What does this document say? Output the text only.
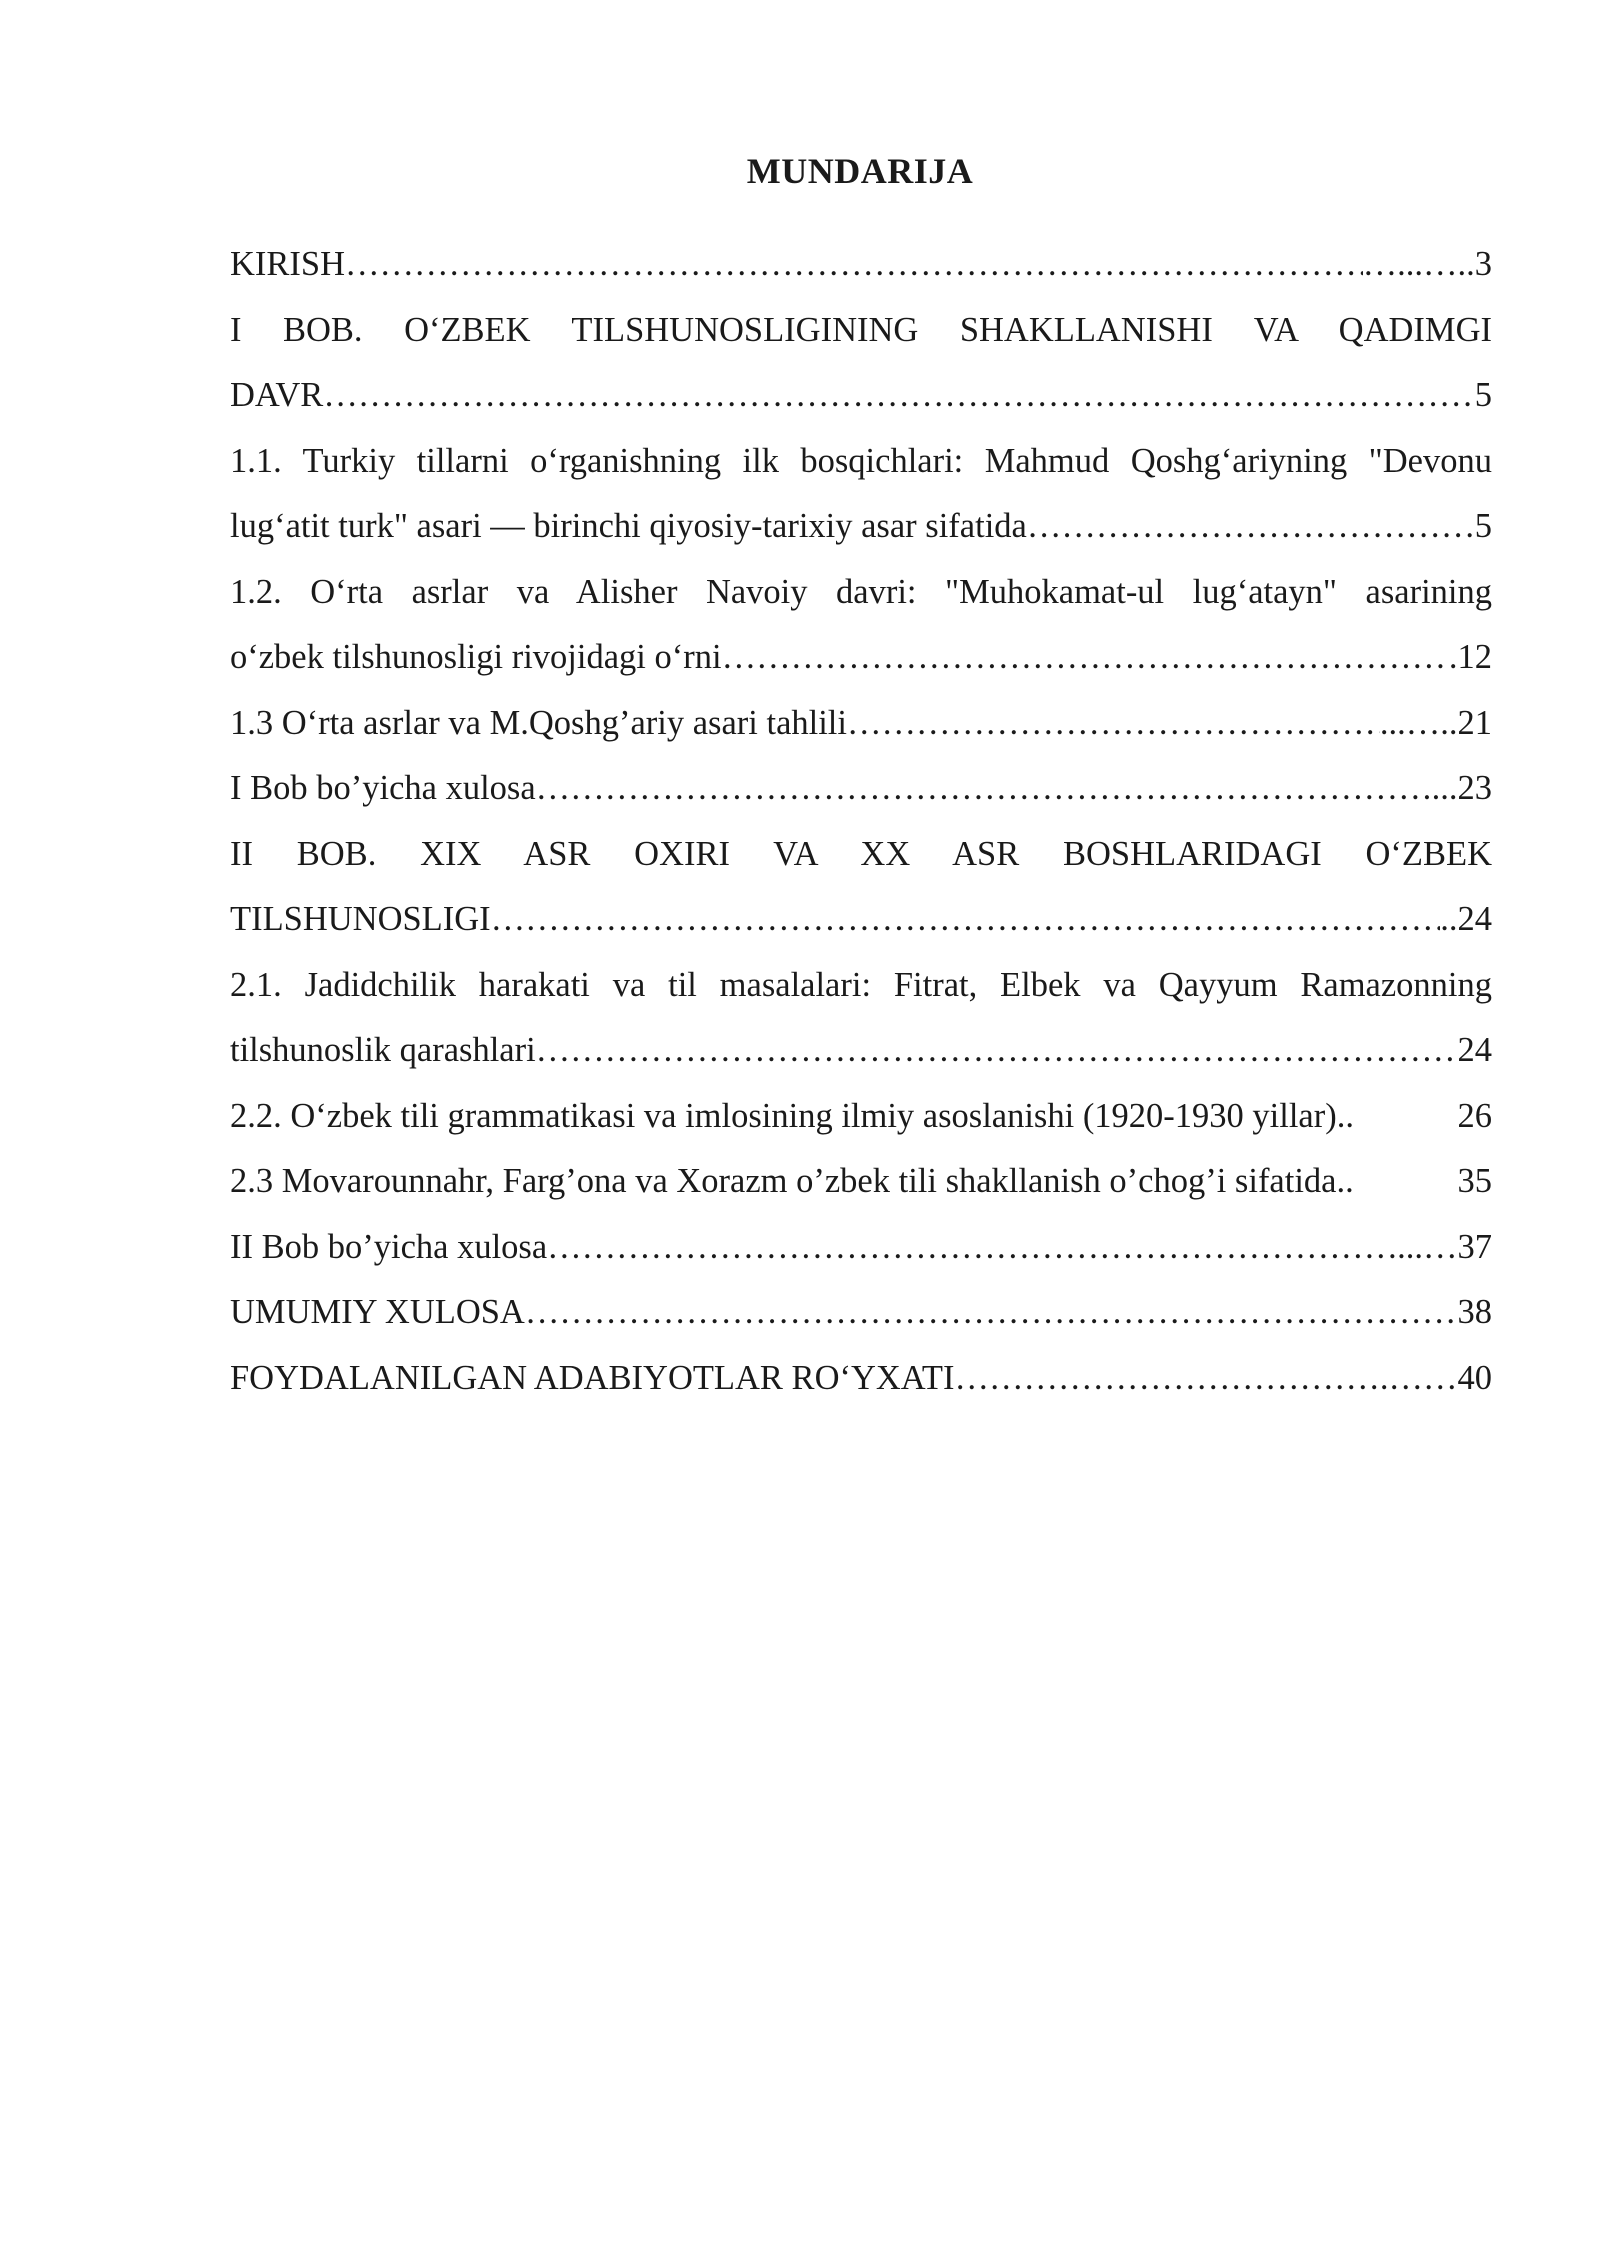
MUNDARIJA
KIRISH ………………………………………………………………………………………………………………………………………………………………………………………………………	…...….. 3
I BOB. O‘ZBEK TILSHUNOSLIGINING SHAKLLANISHI VA QADIMGI
DAVR ………………………………………………………………………………………………………………………………………………………………………………………………………	5
1.1. Turkiy tillarni o‘rganishning ilk bosqichlari: Mahmud Qoshg‘ariyning "Devonu
lug‘atit turk" asari — birinchi qiyosiy-tarixiy asar sifatida ………………………………………………………………………………………………………………………………………………………………………………………………………	5
1.2. O‘rta asrlar va Alisher Navoiy davri: "Muhokamat-ul lug‘atayn" asarining
o‘zbek tilshunosligi rivojidagi o‘rni ………………………………………………………………………………………………………………………………………………………………………………………………………	. 12
1.3 O‘rta asrlar va M.Qoshg’ariy asari tahlili ………………………………………………………………………………………………………………………………………………………………………………………………………	...….. 21
I Bob bo’yicha xulosa ………………………………………………………………………………………………………………………………………………………………………………………………………	... 23
II BOB. XIX ASR OXIRI VA XX ASR BOSHLARIDAGI O‘ZBEK
TILSHUNOSLIGI ………………………………………………………………………………………………………………………………………………………………………………………………………	.. 24
2.1. Jadidchilik harakati va til masalalari: Fitrat, Elbek va Qayyum Ramazonning
tilshunoslik qarashlari ………………………………………………………………………………………………………………………………………………………………………………………………………	24
2.2. O‘zbek tili grammatikasi va imlosining ilmiy asoslanishi (1920-1930 yillar)..	26
2.3 Movarounnahr, Farg’ona va Xorazm o’zbek tili shakllanish o’chog’i sifatida..	35
II Bob bo’yicha xulosa ………………………………………………………………………………………………………………………………………………………………………………………………………	...… 37
UMUMIY XULOSA ………………………………………………………………………………………………………………………………………………………………………………………………………	38
FOYDALANILGAN ADABIYOTLAR RO‘YXATI ………………………………………………………………………………………………………………………………………………………………………………………………………	.…… 40
